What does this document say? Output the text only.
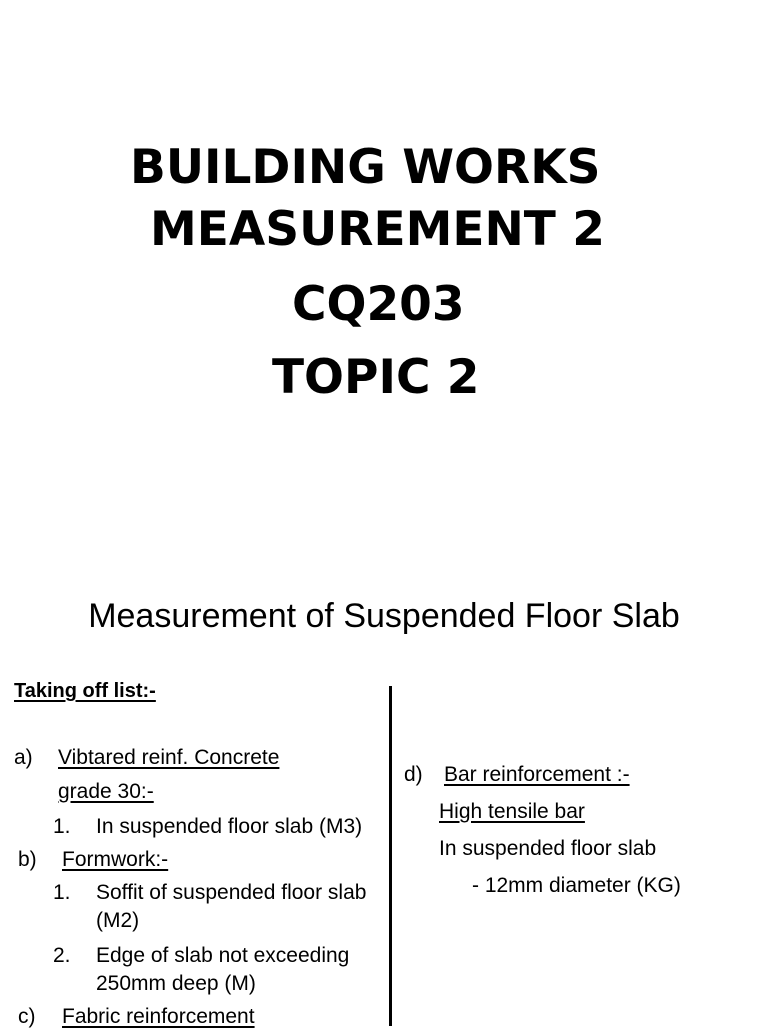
BUILDING WORKS
MEASUREMENT 2
CQ203
TOPIC 2
Measurement of Suspended Floor Slab
Taking off list:-
a) Vibtared reinf. Concrete
grade 30:-
1. In suspended floor slab (M3)
b) Formwork:-
1. Soffit of suspended floor slab
(M2)
2. Edge of slab not exceeding
250mm deep (M)
c) Fabric reinforcement
d) Bar reinforcement :-
High tensile bar
In suspended floor slab
- 12mm diameter (KG)
